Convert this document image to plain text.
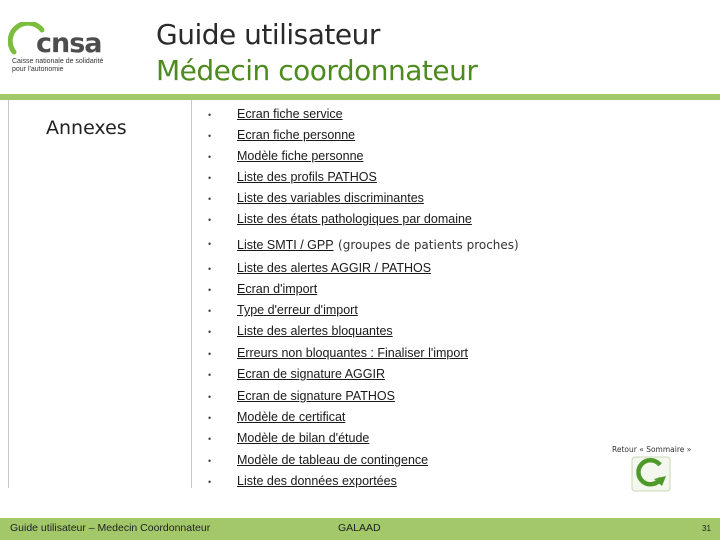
cnsa
Caisse nationale de solidarité pour l'autonomie
Guide utilisateur
Médecin coordonnateur
Annexes
• Ecran fiche service
• Ecran fiche personne
• Modèle fiche personne
• Liste des profils PATHOS
• Liste des variables discriminantes
• Liste des états pathologiques par domaine
• Liste SMTI / GPP (groupes de patients proches)
• Liste des alertes AGGIR / PATHOS
• Ecran d'import
• Type d'erreur d'import
• Liste des alertes bloquantes
• Erreurs non bloquantes : Finaliser l'import
• Ecran de signature AGGIR
• Ecran de signature PATHOS
• Modèle de certificat
• Modèle de bilan d'étude
• Modèle de tableau de contingence
• Liste des données exportées
Retour « Sommaire »
Guide utilisateur – Medecin Coordonnateur	GALAAD	31
